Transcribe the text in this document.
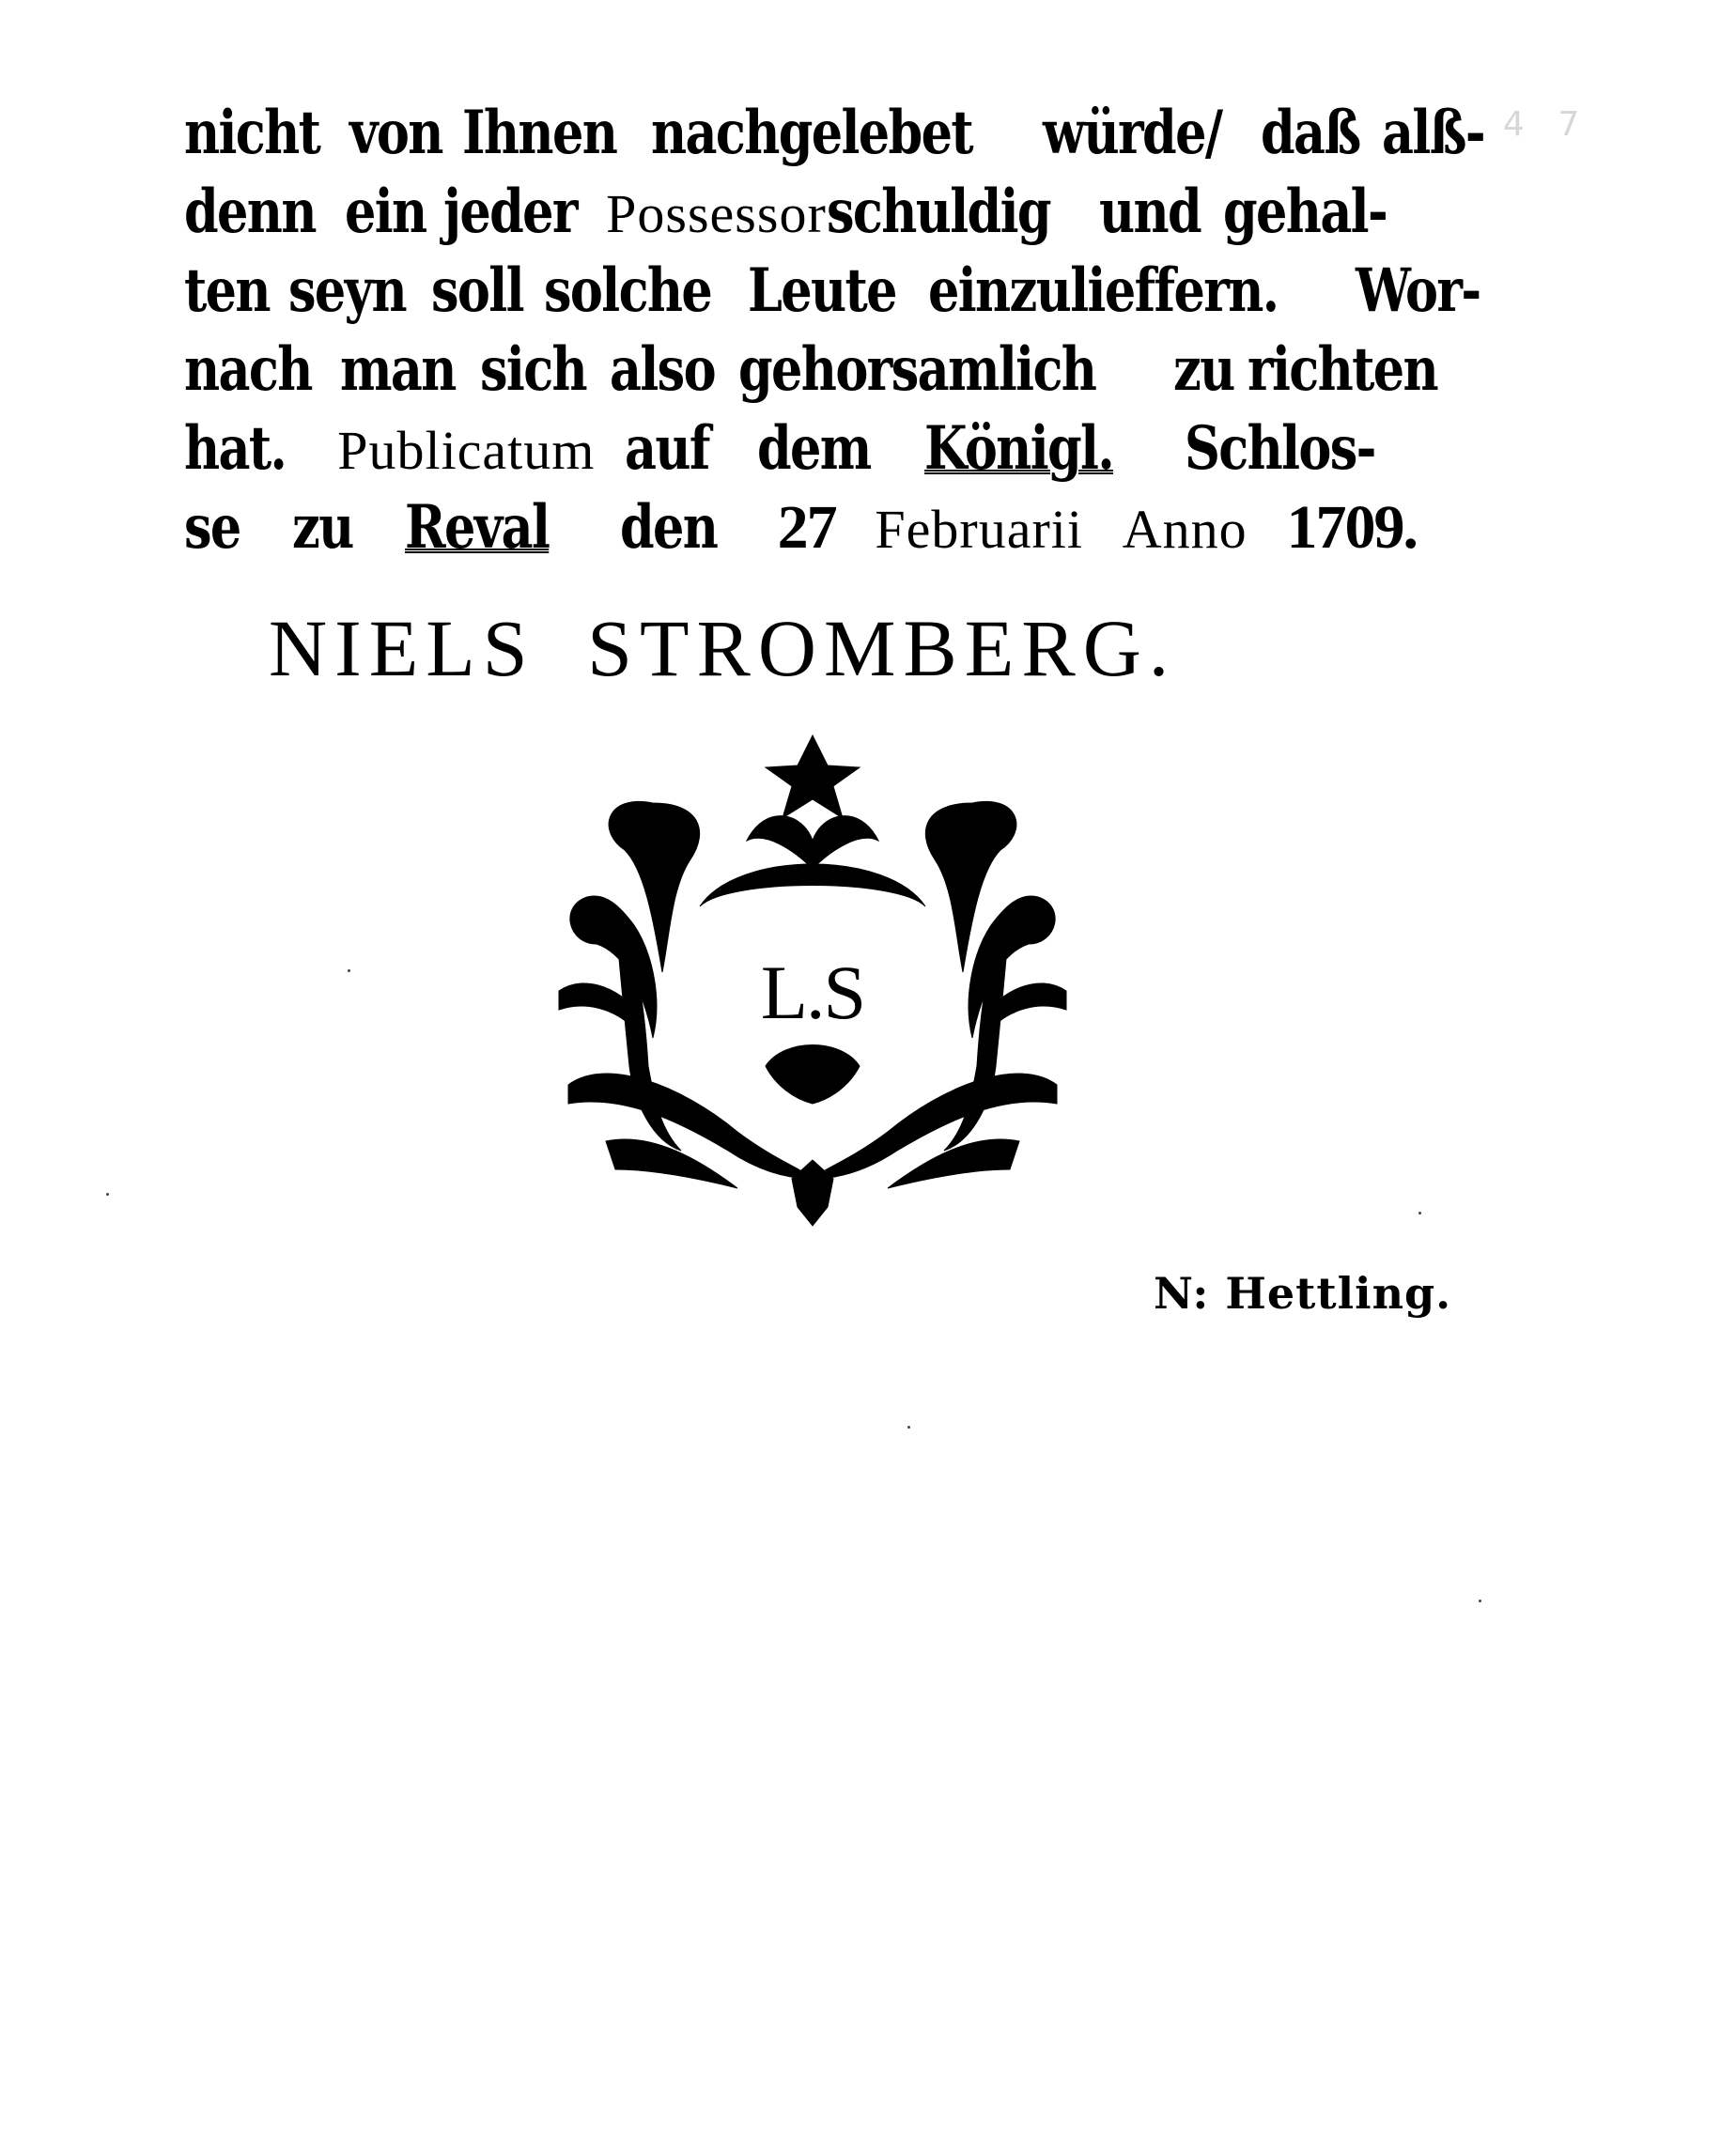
4 7
nicht von Ihnen nachgelebet würde/ daß alß-
denn ein jeder Possessor schuldig und gehal-
ten seyn soll solche Leute einzulieffern. Wor-
nach man sich also gehorsamlich zu richten
hat. Publicatum auf dem Königl. Schlos-
se zu Reval den 27 Februarii Anno 1709.
NIELS STROMBERG.
L.S
N: Hettling.
